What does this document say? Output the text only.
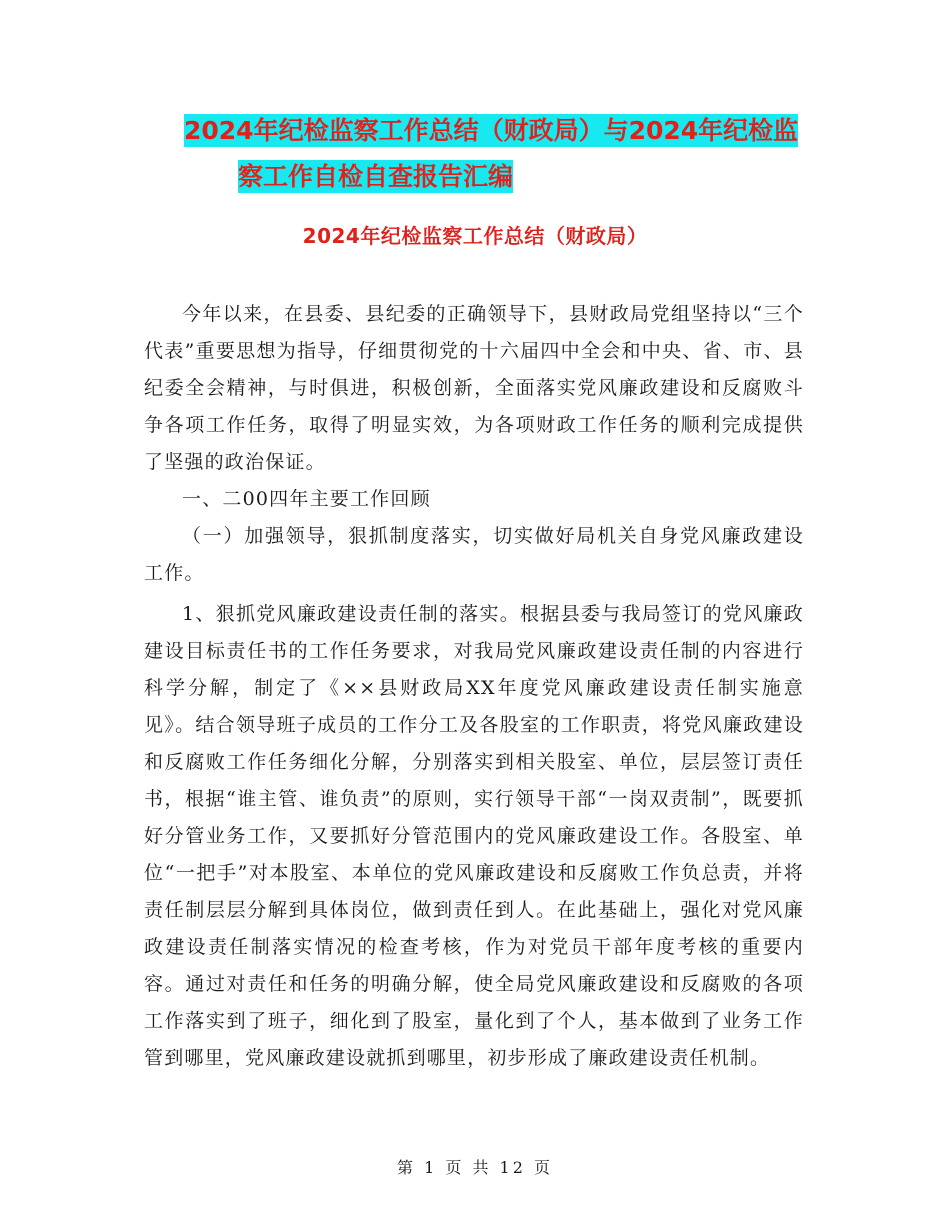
2024年纪检监察工作总结（财政局）与2024年纪检监
察工作自检自查报告汇编
2024年纪检监察工作总结（财政局）

今年以来，在县委、县纪委的正确领导下，县财政局党组坚持以“三个代表”重要思想为指导，仔细贯彻党的十六届四中全会和中央、省、市、县纪委全会精神，与时俱进，积极创新，全面落实党风廉政建设和反腐败斗争各项工作任务，取得了明显实效，为各项财政工作任务的顺利完成提供了坚强的政治保证。

一、二00四年主要工作回顾

（一）加强领导，狠抓制度落实，切实做好局机关自身党风廉政建设工作。

1、狠抓党风廉政建设责任制的落实。根据县委与我局签订的党风廉政建设目标责任书的工作任务要求，对我局党风廉政建设责任制的内容进行科学分解，制定了《××县财政局XX年度党风廉政建设责任制实施意见》。结合领导班子成员的工作分工及各股室的工作职责，将党风廉政建设和反腐败工作任务细化分解，分别落实到相关股室、单位，层层签订责任书，根据“谁主管、谁负责”的原则，实行领导干部“一岗双责制”，既要抓好分管业务工作，又要抓好分管范围内的党风廉政建设工作。各股室、单位“一把手”对本股室、本单位的党风廉政建设和反腐败工作负总责，并将责任制层层分解到具体岗位，做到责任到人。在此基础上，强化对党风廉政建设责任制落实情况的检查考核，作为对党员干部年度考核的重要内容。通过对责任和任务的明确分解，使全局党风廉政建设和反腐败的各项工作落实到了班子，细化到了股室，量化到了个人，基本做到了业务工作管到哪里，党风廉政建设就抓到哪里，初步形成了廉政建设责任机制。

第 1 页 共 12 页
